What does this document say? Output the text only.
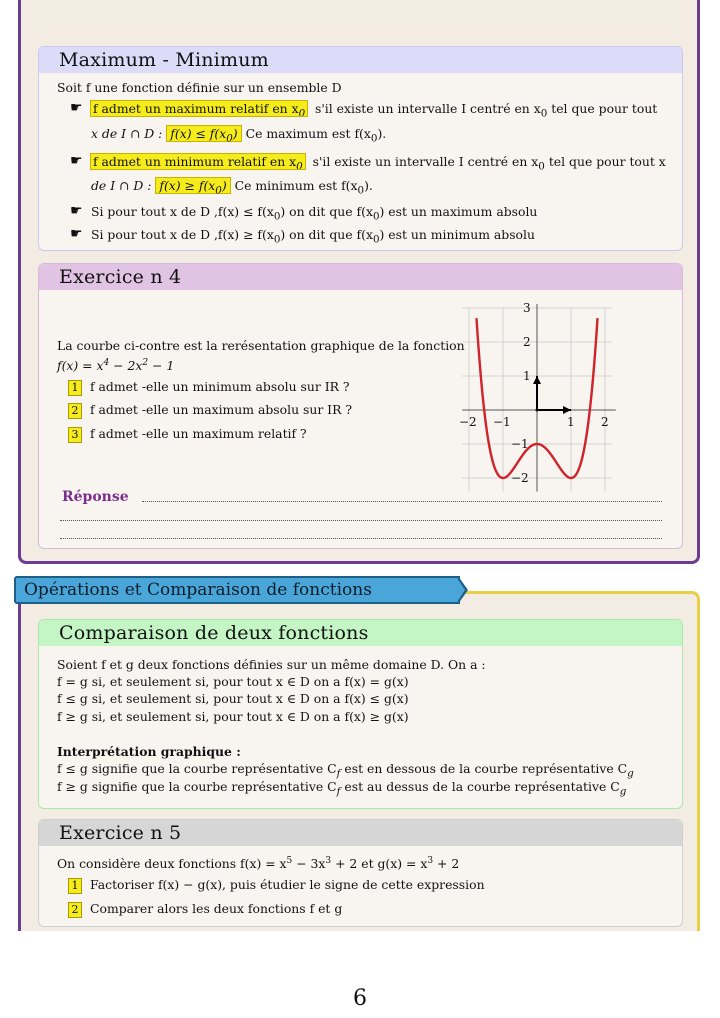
Maximum - Minimum
Soit f une fonction définie sur un ensemble D
☛ f admet un maximum relatif en $x_0$ s'il existe un intervalle I centré en $x_0$ tel que pour tout
x de I ∩ D : $f(x) \le f(x_0)$ Ce maximum est $f(x_0)$.
☛ f admet un minimum relatif en $x_0$ s'il existe un intervalle I centré en $x_0$ tel que pour tout x
de I ∩ D : $f(x) \ge f(x_0)$ Ce minimum est $f(x_0)$.
☛ Si pour tout x de D $,f(x) \le f(x_0)$ on dit que $f(x_0)$ est un maximum absolu
☛ Si pour tout x de D $,f(x) \ge f(x_0)$ on dit que $f(x_0)$ est un minimum absolu
Exercice n 4
La courbe ci-contre est la rerésentation graphique de la fonction
$f(x) = x^4 - 2x^2 - 1$
1 f admet -elle un minimum absolu sur IR ?
2 f admet -elle un maximum absolu sur IR ?
3 f admet -elle un maximum relatif ?
−2 −1	1 2
3
2
1
−1
−2
Réponse
Opérations et Comparaison de fonctions
Comparaison de deux fonctions
Soient f et g deux fonctions définies sur un même domaine D. On a :
f = g si, et seulement si, pour tout x ∈ D on a f(x) = g(x)
f ≤ g si, et seulement si, pour tout x ∈ D on a f(x) ≤ g(x)
f ≥ g si, et seulement si, pour tout x ∈ D on a f(x) ≥ g(x)
Interprétation graphique :
f ≤ g signifie que la courbe représentative $C_f$ est en dessous de la courbe représentative $C_g$
f ≥ g signifie que la courbe représentative $C_f$ est au dessus de la courbe représentative $C_g$
Exercice n 5
On considère deux fonctions $f(x) = x^5 - 3x^3 + 2$ et $g(x) = x^3 + 2$
1 Factoriser f(x) − g(x), puis étudier le signe de cette expression
2 Comparer alors les deux fonctions f et g
6
